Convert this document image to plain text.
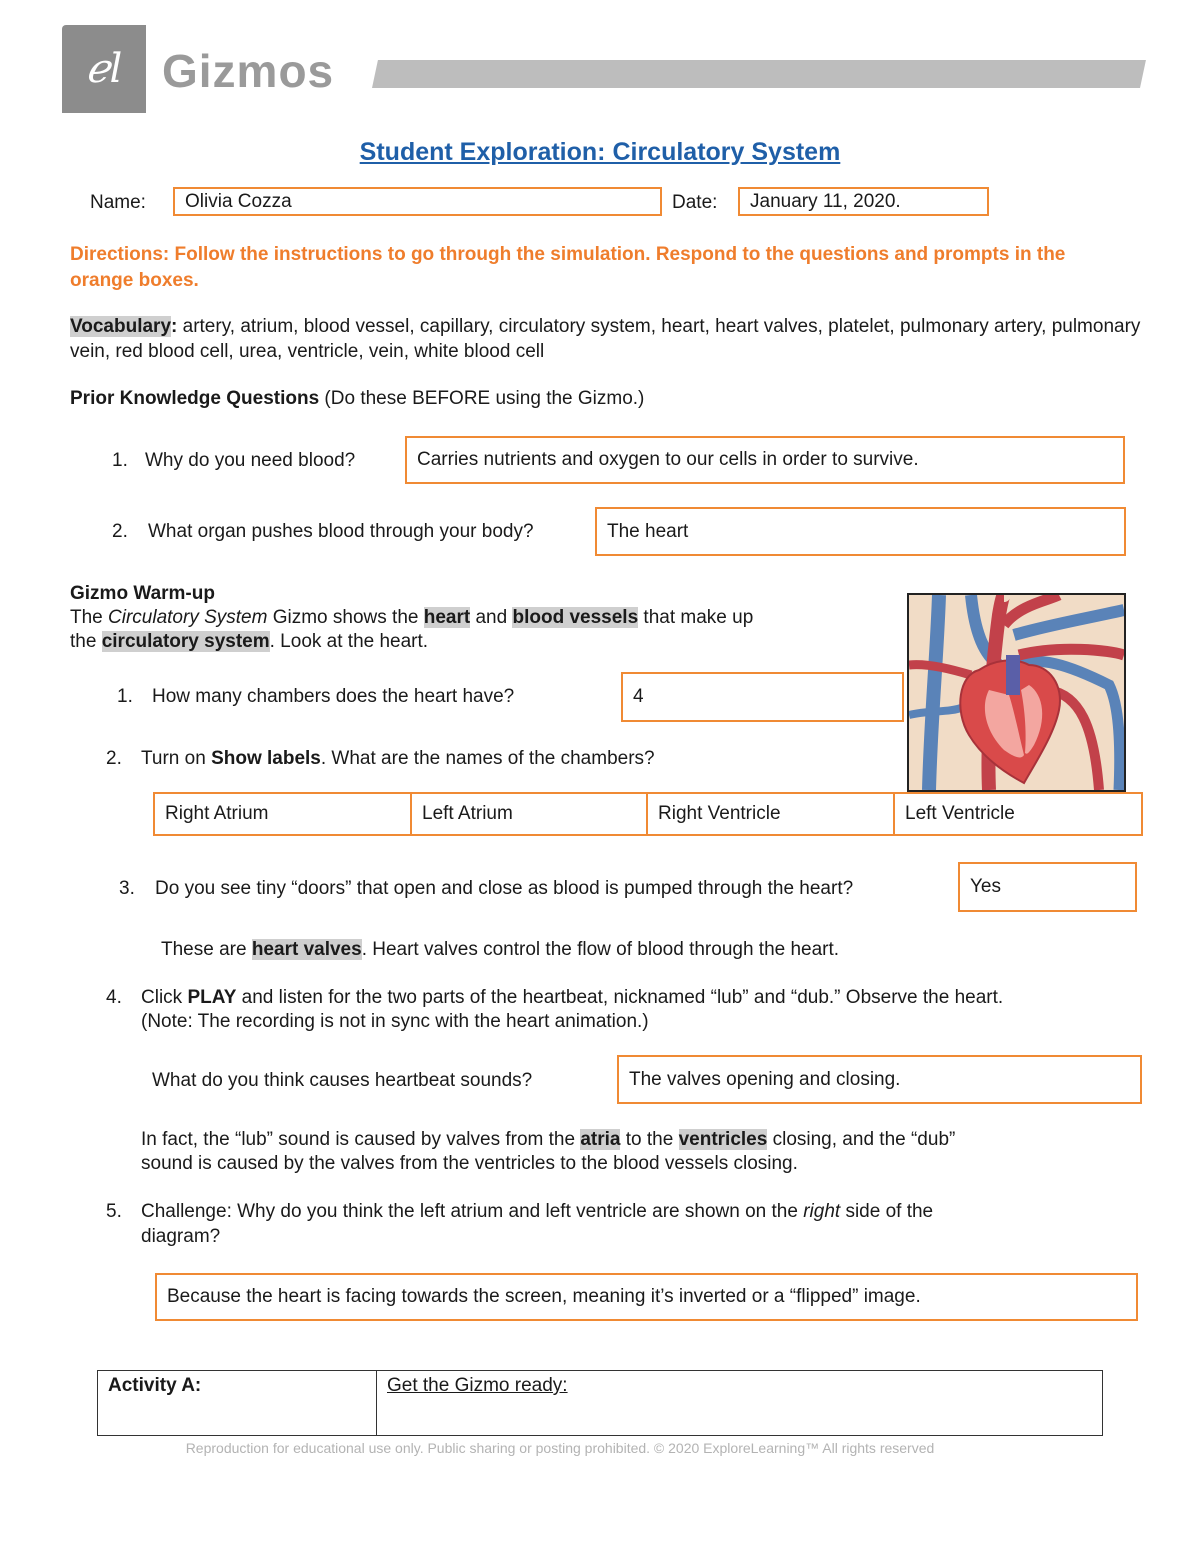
ℯl Gizmos
Student Exploration: Circulatory System
Name: Olivia Cozza	Date: January 11, 2020.
Directions: Follow the instructions to go through the simulation. Respond to the questions and prompts in the orange boxes.
Vocabulary: artery, atrium, blood vessel, capillary, circulatory system, heart, heart valves, platelet, pulmonary artery, pulmonary vein, red blood cell, urea, ventricle, vein, white blood cell
Prior Knowledge Questions (Do these BEFORE using the Gizmo.)
1. Why do you need blood?	Carries nutrients and oxygen to our cells in order to survive.
2. What organ pushes blood through your body?	The heart
Gizmo Warm-up
The Circulatory System Gizmo shows the heart and blood vessels that make up
the circulatory system. Look at the heart.
1. How many chambers does the heart have?	4
2. Turn on Show labels. What are the names of the chambers?
Right Atrium	Left Atrium	Right Ventricle	Left Ventricle
3. Do you see tiny “doors” that open and close as blood is pumped through the heart?	Yes
These are heart valves. Heart valves control the flow of blood through the heart.
4. Click PLAY and listen for the two parts of the heartbeat, nicknamed “lub” and “dub.” Observe the heart.
(Note: The recording is not in sync with the heart animation.)
What do you think causes heartbeat sounds?	The valves opening and closing.
In fact, the “lub” sound is caused by valves from the atria to the ventricles closing, and the “dub”
sound is caused by the valves from the ventricles to the blood vessels closing.
5. Challenge: Why do you think the left atrium and left ventricle are shown on the right side of the
diagram?
Because the heart is facing towards the screen, meaning it’s inverted or a “flipped” image.
Activity A:	Get the Gizmo ready:
Reproduction for educational use only. Public sharing or posting prohibited. © 2020 ExploreLearning™ All rights reserved
